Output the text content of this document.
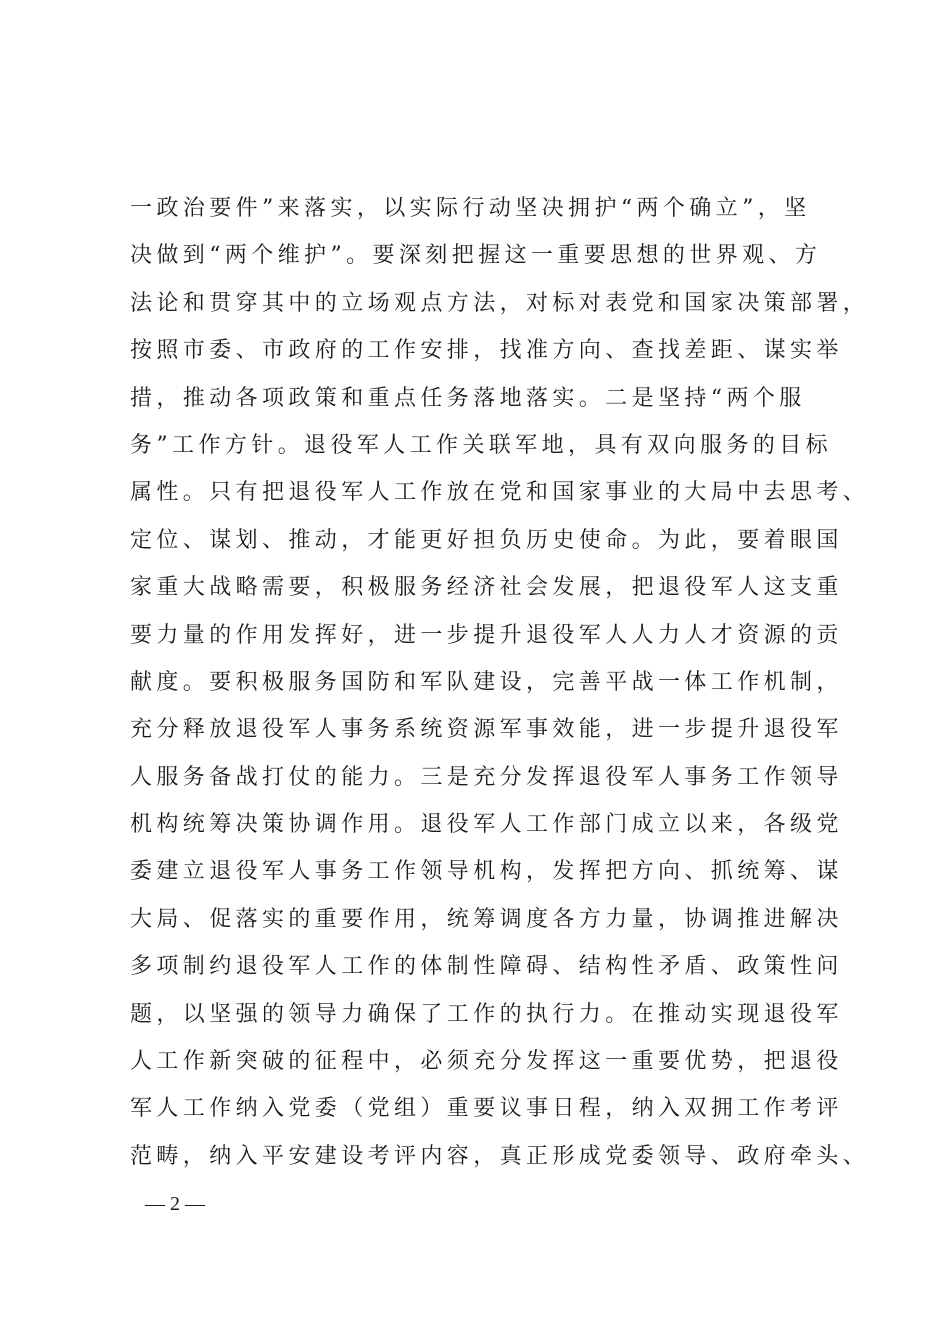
一政治要件”来落实，以实际行动坚决拥护“两个确立”，坚
决做到“两个维护”。要深刻把握这一重要思想的世界观、方
法论和贯穿其中的立场观点方法，对标对表党和国家决策部署，
按照市委、市政府的工作安排，找准方向、查找差距、谋实举
措，推动各项政策和重点任务落地落实。二是坚持“两个服
务”工作方针。退役军人工作关联军地，具有双向服务的目标
属性。只有把退役军人工作放在党和国家事业的大局中去思考、
定位、谋划、推动，才能更好担负历史使命。为此，要着眼国
家重大战略需要，积极服务经济社会发展，把退役军人这支重
要力量的作用发挥好，进一步提升退役军人人力人才资源的贡
献度。要积极服务国防和军队建设，完善平战一体工作机制，
充分释放退役军人事务系统资源军事效能，进一步提升退役军
人服务备战打仗的能力。三是充分发挥退役军人事务工作领导
机构统筹决策协调作用。退役军人工作部门成立以来，各级党
委建立退役军人事务工作领导机构，发挥把方向、抓统筹、谋
大局、促落实的重要作用，统筹调度各方力量，协调推进解决
多项制约退役军人工作的体制性障碍、结构性矛盾、政策性问
题，以坚强的领导力确保了工作的执行力。在推动实现退役军
人工作新突破的征程中，必须充分发挥这一重要优势，把退役
军人工作纳入党委（党组）重要议事日程，纳入双拥工作考评
范畴，纳入平安建设考评内容，真正形成党委领导、政府牵头、
— 2 —
